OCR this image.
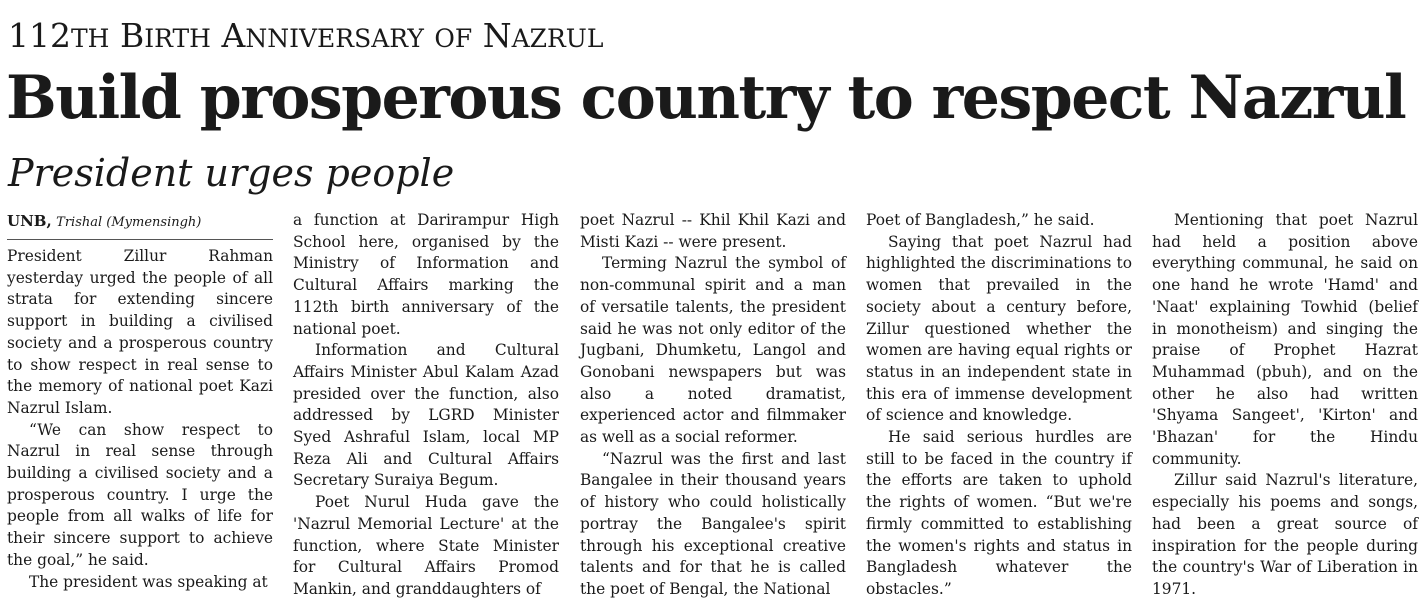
112TH BIRTH ANNIVERSARY OF NAZRUL
Build prosperous country to respect Nazrul
President urges people
UNB, Trishal (Mymensingh)

President Zillur Rahman yesterday urged the people of all strata for extending sincere support in building a civilised society and a prosperous country to show respect in real sense to the memory of national poet Kazi Nazrul Islam.

“We can show respect to Nazrul in real sense through building a civilised society and a prosperous country. I urge the people from all walks of life for their sincere support to achieve the goal,” he said.

The president was speaking at

a function at Darirampur High School here, organised by the Ministry of Information and Cultural Affairs marking the 112th birth anniversary of the national poet.

Information and Cultural Affairs Minister Abul Kalam Azad presided over the function, also addressed by LGRD Minister Syed Ashraful Islam, local MP Reza Ali and Cultural Affairs Secretary Suraiya Begum.

Poet Nurul Huda gave the 'Nazrul Memorial Lecture' at the function, where State Minister for Cultural Affairs Promod Mankin, and granddaughters of

poet Nazrul -- Khil Khil Kazi and Misti Kazi -- were present.

Terming Nazrul the symbol of non-communal spirit and a man of versatile talents, the president said he was not only editor of the Jugbani, Dhumketu, Langol and Gonobani newspapers but was also a noted dramatist, experienced actor and filmmaker as well as a social reformer.

“Nazrul was the first and last Bangalee in their thousand years of history who could holistically portray the Bangalee's spirit through his exceptional creative talents and for that he is called the poet of Bengal, the National

Poet of Bangladesh,” he said.

Saying that poet Nazrul had highlighted the discriminations to women that prevailed in the society about a century before, Zillur questioned whether the women are having equal rights or status in an independent state in this era of immense development of science and knowledge.

He said serious hurdles are still to be faced in the country if the efforts are taken to uphold the rights of women. “But we're firmly committed to establishing the women's rights and status in Bangladesh whatever the obstacles.”

Mentioning that poet Nazrul had held a position above everything communal, he said on one hand he wrote 'Hamd' and 'Naat' explaining Towhid (belief in monotheism) and singing the praise of Prophet Hazrat Muhammad (pbuh), and on the other he also had written 'Shyama Sangeet', 'Kirton' and 'Bhazan' for the Hindu community.

Zillur said Nazrul's literature, especially his poems and songs, had been a great source of inspiration for the people during the country's War of Liberation in 1971.
